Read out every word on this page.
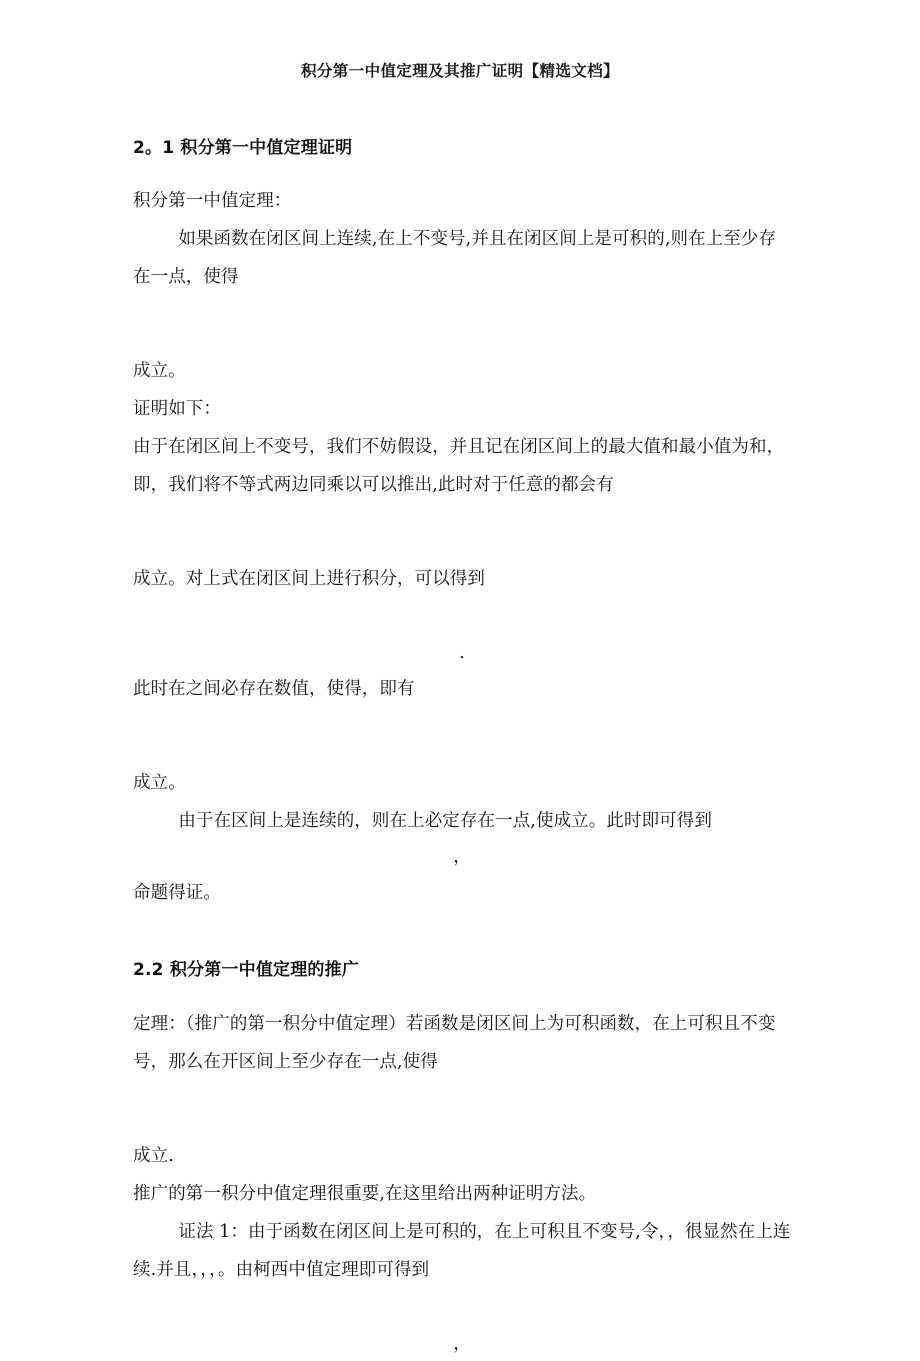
积分第一中值定理及其推广证明【精选文档】
2。1 积分第一中值定理证明

积分第一中值定理：

如果函数在闭区间上连续,在上不变号,并且在闭区间上是可积的,则在上至少存在一点，使得

成立。

证明如下：

由于在闭区间上不变号，我们不妨假设，并且记在闭区间上的最大值和最小值为和，即，我们将不等式两边同乘以可以推出,此时对于任意的都会有

成立。对上式在闭区间上进行积分，可以得到

.

此时在之间必存在数值，使得，即有

成立。

由于在区间上是连续的，则在上必定存在一点,使成立。此时即可得到

，

命题得证。

2.2 积分第一中值定理的推广

定理：（推广的第一积分中值定理）若函数是闭区间上为可积函数，在上可积且不变号，那么在开区间上至少存在一点,使得

成立.

推广的第一积分中值定理很重要,在这里给出两种证明方法。

证法 1：由于函数在闭区间上是可积的，在上可积且不变号,令，，很显然在上连续.并且，，，。由柯西中值定理即可得到

，
